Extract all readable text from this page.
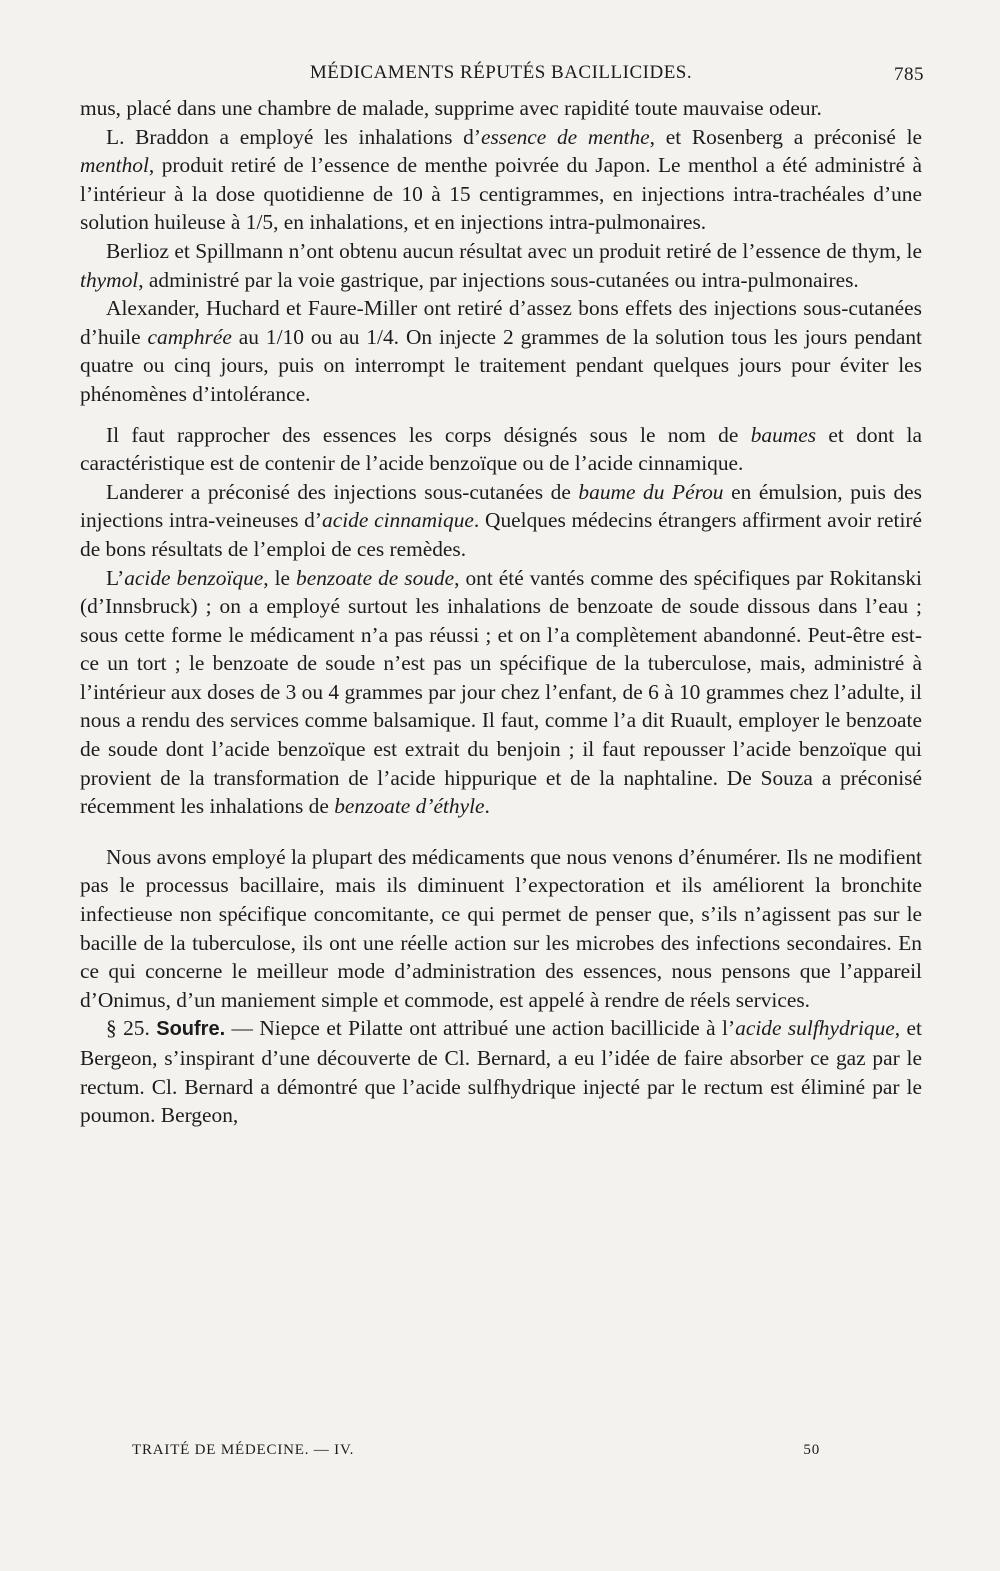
MÉDICAMENTS RÉPUTÉS BACILLICIDES.	785

mus, placé dans une chambre de malade, supprime avec rapidité toute mauvaise odeur.

L. Braddon a employé les inhalations d’essence de menthe, et Rosenberg a préconisé le menthol, produit retiré de l’essence de menthe poivrée du Japon. Le menthol a été administré à l’intérieur à la dose quotidienne de 10 à 15 centigrammes, en injections intra-trachéales d’une solution huileuse à 1/5, en inhalations, et en injections intra-pulmonaires.

Berlioz et Spillmann n’ont obtenu aucun résultat avec un produit retiré de l’essence de thym, le thymol, administré par la voie gastrique, par injections sous-cutanées ou intra-pulmonaires.

Alexander, Huchard et Faure-Miller ont retiré d’assez bons effets des injections sous-cutanées d’huile camphrée au 1/10 ou au 1/4. On injecte 2 grammes de la solution tous les jours pendant quatre ou cinq jours, puis on interrompt le traitement pendant quelques jours pour éviter les phénomènes d’intolérance.

Il faut rapprocher des essences les corps désignés sous le nom de baumes et dont la caractéristique est de contenir de l’acide benzoïque ou de l’acide cinnamique.

Landerer a préconisé des injections sous-cutanées de baume du Pérou en émulsion, puis des injections intra-veineuses d’acide cinnamique. Quelques médecins étrangers affirment avoir retiré de bons résultats de l’emploi de ces remèdes.

L’acide benzoïque, le benzoate de soude, ont été vantés comme des spécifiques par Rokitanski (d’Innsbruck) ; on a employé surtout les inhalations de benzoate de soude dissous dans l’eau ; sous cette forme le médicament n’a pas réussi ; et on l’a complètement abandonné. Peut-être est-ce un tort ; le benzoate de soude n’est pas un spécifique de la tuberculose, mais, administré à l’intérieur aux doses de 3 ou 4 grammes par jour chez l’enfant, de 6 à 10 grammes chez l’adulte, il nous a rendu des services comme balsamique. Il faut, comme l’a dit Ruault, employer le benzoate de soude dont l’acide benzoïque est extrait du benjoin ; il faut repousser l’acide benzoïque qui provient de la transformation de l’acide hippurique et de la naphtaline. De Souza a préconisé récemment les inhalations de benzoate d’éthyle.

Nous avons employé la plupart des médicaments que nous venons d’énumérer. Ils ne modifient pas le processus bacillaire, mais ils diminuent l’expectoration et ils améliorent la bronchite infectieuse non spécifique concomitante, ce qui permet de penser que, s’ils n’agissent pas sur le bacille de la tuberculose, ils ont une réelle action sur les microbes des infections secondaires. En ce qui concerne le meilleur mode d’administration des essences, nous pensons que l’appareil d’Onimus, d’un maniement simple et commode, est appelé à rendre de réels services.

§ 25. Soufre. — Niepce et Pilatte ont attribué une action bacillicide à l’acide sulfhydrique, et Bergeon, s’inspirant d’une découverte de Cl. Bernard, a eu l’idée de faire absorber ce gaz par le rectum. Cl. Bernard a démontré que l’acide sulfhydrique injecté par le rectum est éliminé par le poumon. Bergeon,

TRAITÉ DE MÉDECINE. — IV.	50
